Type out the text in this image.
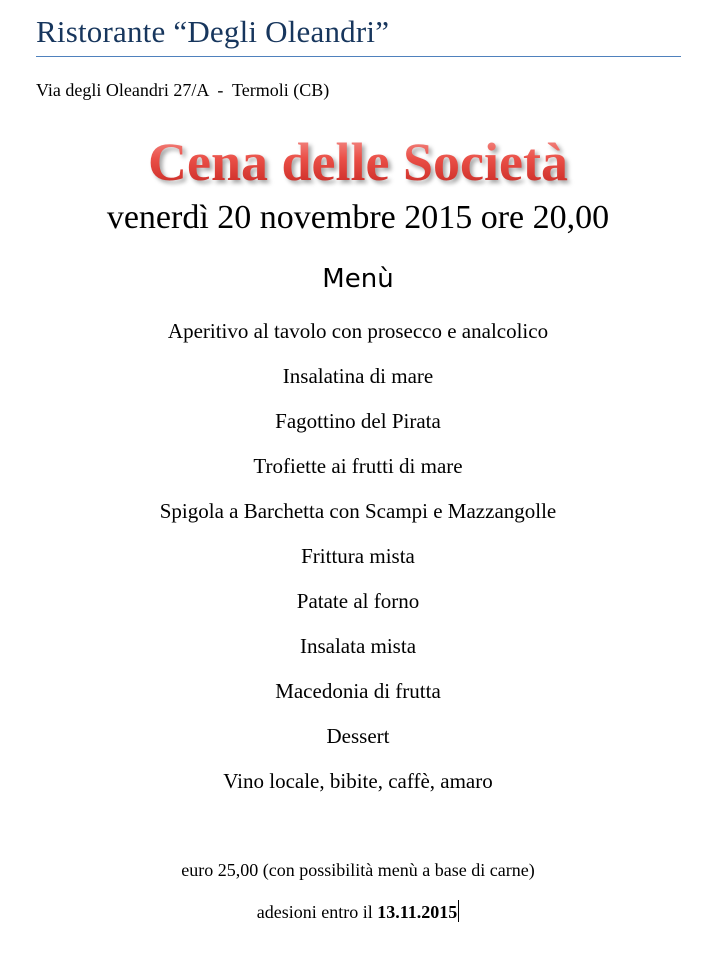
Ristorante “Degli Oleandri”
Via degli Oleandri 27/A  -  Termoli (CB)
Cena delle Società
venerdì 20 novembre 2015 ore 20,00
Menù
Aperitivo al tavolo con prosecco e analcolico
Insalatina di mare
Fagottino del Pirata
Trofiette ai frutti di mare
Spigola a Barchetta con Scampi e Mazzangolle
Frittura mista
Patate al forno
Insalata mista
Macedonia di frutta
Dessert
Vino locale, bibite, caffè, amaro
euro 25,00 (con possibilità menù a base di carne)
adesioni entro il 13.11.2015
